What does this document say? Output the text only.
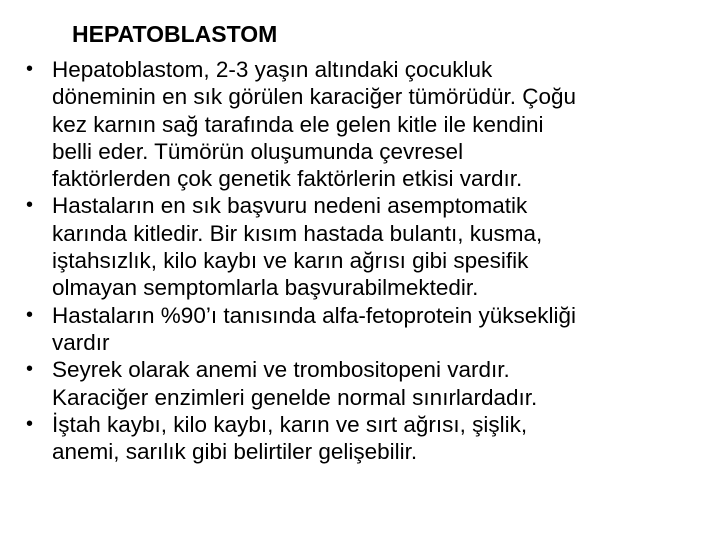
HEPATOBLASTOM
• Hepatoblastom, 2-3 yaşın altındaki çocukluk
döneminin en sık görülen karaciğer tümörüdür. Çoğu
kez karnın sağ tarafında ele gelen kitle ile kendini
belli eder. Tümörün oluşumunda çevresel
faktörlerden çok genetik faktörlerin etkisi vardır.
• Hastaların en sık başvuru nedeni asemptomatik
karında kitledir. Bir kısım hastada bulantı, kusma,
iştahsızlık, kilo kaybı ve karın ağrısı gibi spesifik
olmayan semptomlarla başvurabilmektedir.
• Hastaların %90’ı tanısında alfa-fetoprotein yüksekliği
vardır
• Seyrek olarak anemi ve trombositopeni vardır.
Karaciğer enzimleri genelde normal sınırlardadır.
• İştah kaybı, kilo kaybı, karın ve sırt ağrısı, şişlik,
anemi, sarılık gibi belirtiler gelişebilir.
